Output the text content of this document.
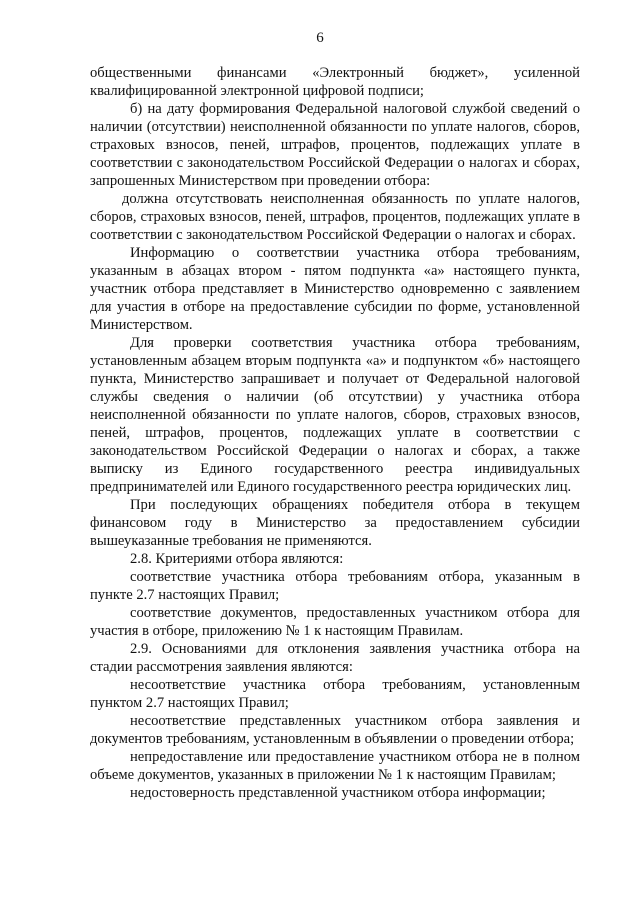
6

общественными финансами «Электронный бюджет», усиленной квалифицированной электронной цифровой подписи;

б) на дату формирования Федеральной налоговой службой сведений о наличии (отсутствии) неисполненной обязанности по уплате налогов, сборов, страховых взносов, пеней, штрафов, процентов, подлежащих уплате в соответствии с законодательством Российской Федерации о налогах и сборах, запрошенных Министерством при проведении отбора:

должна отсутствовать неисполненная обязанность по уплате налогов, сборов, страховых взносов, пеней, штрафов, процентов, подлежащих уплате в соответствии с законодательством Российской Федерации о налогах и сборах.

Информацию о соответствии участника отбора требованиям, указанным в абзацах втором - пятом подпункта «а» настоящего пункта, участник отбора представляет в Министерство одновременно с заявлением для участия в отборе на предоставление субсидии по форме, установленной Министерством.

Для проверки соответствия участника отбора требованиям, установленным абзацем вторым подпункта «а» и подпунктом «б» настоящего пункта, Министерство запрашивает и получает от Федеральной налоговой службы сведения о наличии (об отсутствии) у участника отбора неисполненной обязанности по уплате налогов, сборов, страховых взносов, пеней, штрафов, процентов, подлежащих уплате в соответствии с законодательством Российской Федерации о налогах и сборах, а также выписку из Единого государственного реестра индивидуальных предпринимателей или Единого государственного реестра юридических лиц.

При последующих обращениях победителя отбора в текущем финансовом году в Министерство за предоставлением субсидии вышеуказанные требования не применяются.

2.8. Критериями отбора являются:

соответствие участника отбора требованиям отбора, указанным в пункте 2.7 настоящих Правил;

соответствие документов, предоставленных участником отбора для участия в отборе, приложению № 1 к настоящим Правилам.

2.9. Основаниями для отклонения заявления участника отбора на стадии рассмотрения заявления являются:

несоответствие участника отбора требованиям, установленным пунктом 2.7 настоящих Правил;

несоответствие представленных участником отбора заявления и документов требованиям, установленным в объявлении о проведении отбора;

непредоставление или предоставление участником отбора не в полном объеме документов, указанных в приложении № 1 к настоящим Правилам;

недостоверность представленной участником отбора информации;
